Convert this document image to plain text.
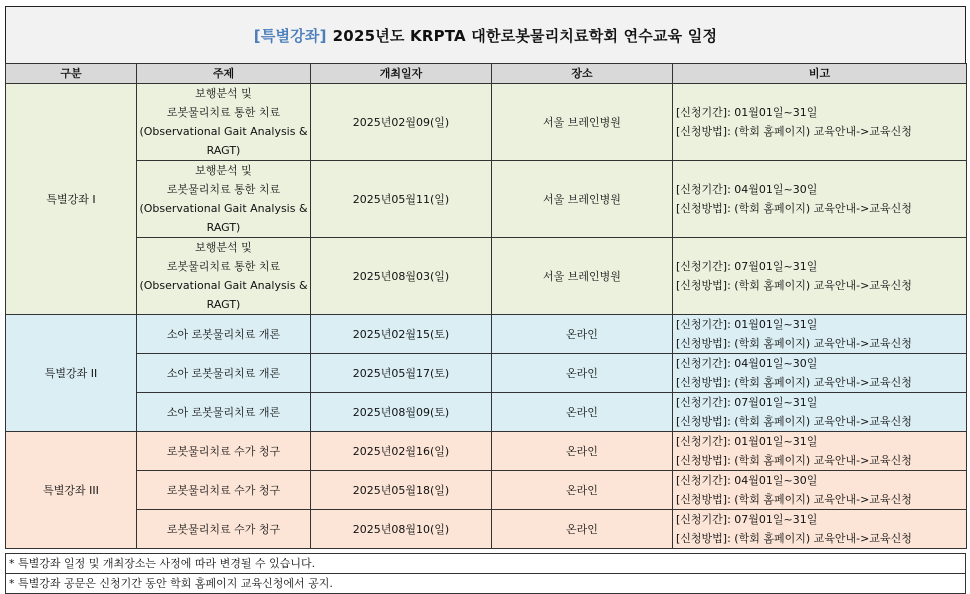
[특별강좌] 2025년도 KRPTA 대한로봇물리치료학회 연수교육 일정
구분	주제	개최일자	장소	비고
특별강좌 I	보행분석 및
로봇물리치료 통한 치료
(Observational Gait Analysis &
RAGT)	2025년02월09(일)	서울 브레인병원	[신청기간]: 01월01일~31일
[신청방법]: (학회 홈페이지) 교육안내->교육신청

	보행분석 및
로봇물리치료 통한 치료
(Observational Gait Analysis &
RAGT)	2025년05월11(일)	서울 브레인병원	[신청기간]: 04월01일~30일
[신청방법]: (학회 홈페이지) 교육안내->교육신청

	보행분석 및
로봇물리치료 통한 치료
(Observational Gait Analysis &
RAGT)	2025년08월03(일)	서울 브레인병원	[신청기간]: 07월01일~31일
[신청방법]: (학회 홈페이지) 교육안내->교육신청

특별강좌 II	소아 로봇물리치료 개론	2025년02월15(토)	온라인	[신청기간]: 01월01일~31일
[신청방법]: (학회 홈페이지) 교육안내->교육신청

	소아 로봇물리치료 개론	2025년05월17(토)	온라인	[신청기간]: 04월01일~30일
[신청방법]: (학회 홈페이지) 교육안내->교육신청

	소아 로봇물리치료 개론	2025년08월09(토)	온라인	[신청기간]: 07월01일~31일
[신청방법]: (학회 홈페이지) 교육안내->교육신청

특별강좌 III	로봇물리치료 수가 청구	2025년02월16(일)	온라인	[신청기간]: 01월01일~31일
[신청방법]: (학회 홈페이지) 교육안내->교육신청

	로봇물리치료 수가 청구	2025년05월18(일)	온라인	[신청기간]: 04월01일~30일
[신청방법]: (학회 홈페이지) 교육안내->교육신청

	로봇물리치료 수가 청구	2025년08월10(일)	온라인	[신청기간]: 07월01일~31일
[신청방법]: (학회 홈페이지) 교육안내->교육신청
* 특별강좌 일정 및 개최장소는 사정에 따라 변경될 수 있습니다.
* 특별강좌 공문은 신청기간 동안 학회 홈페이지 교육신청에서 공지.
